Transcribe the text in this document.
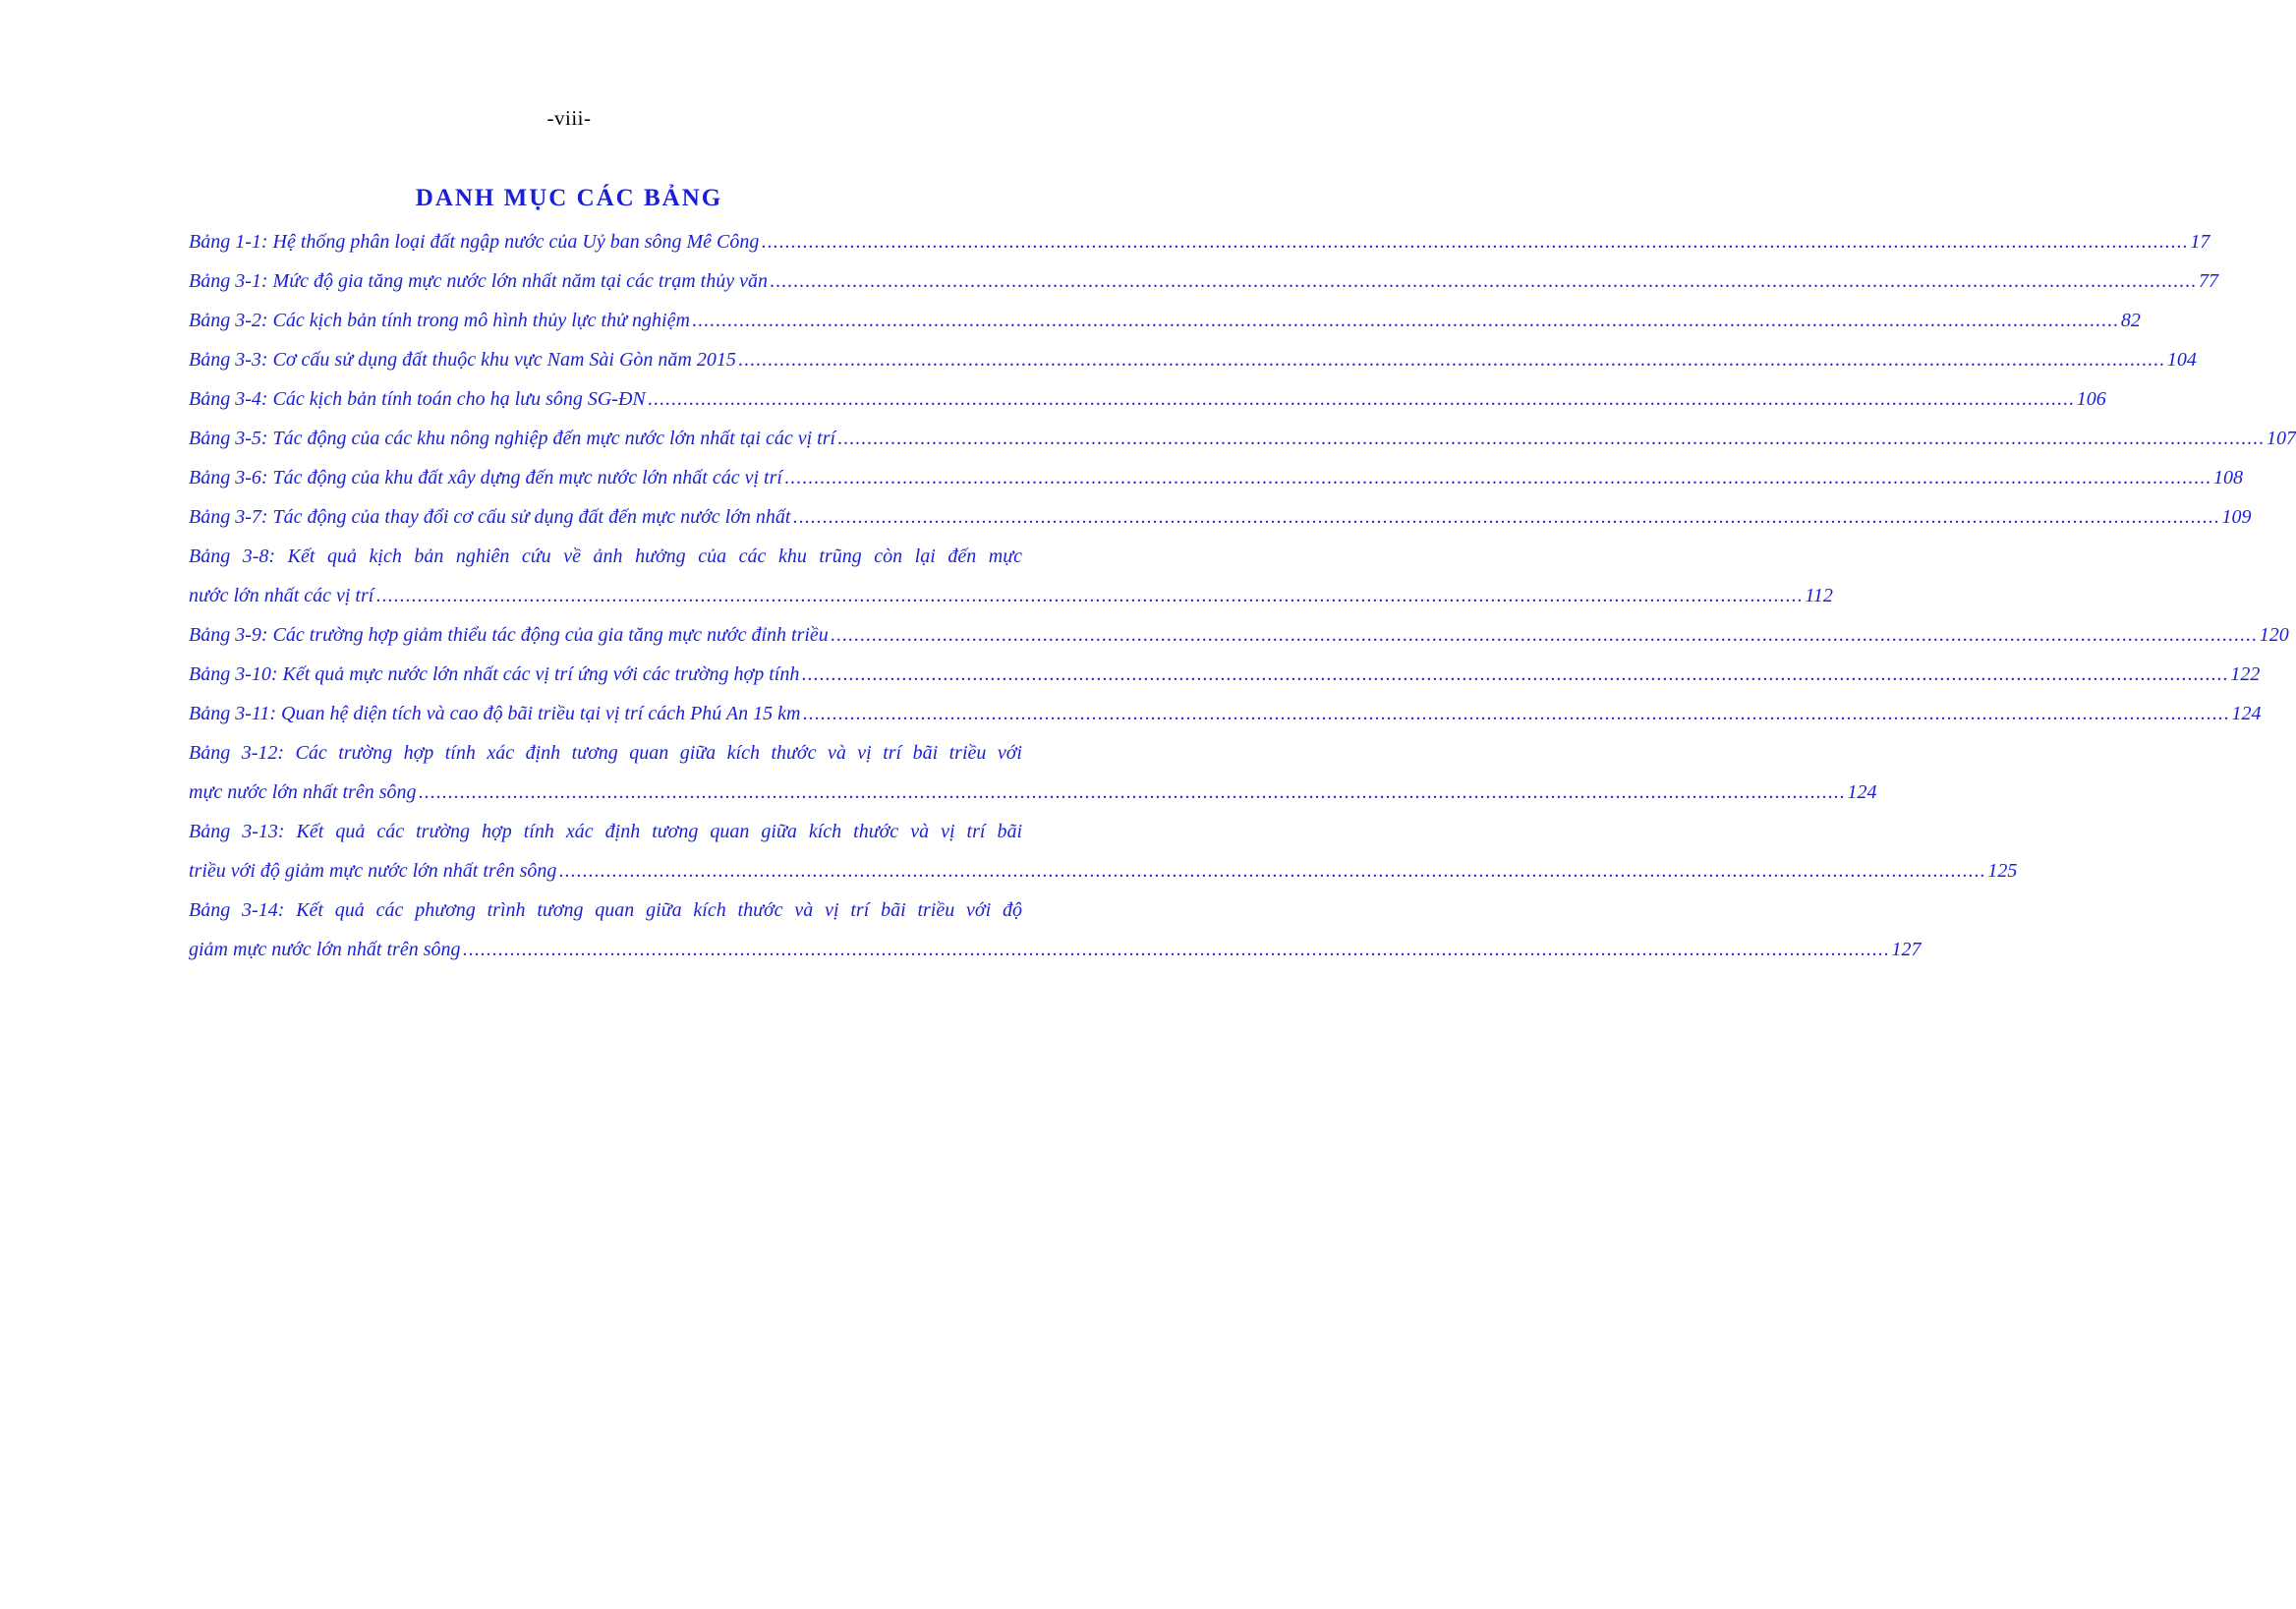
-viii-
DANH MỤC CÁC BẢNG
Bảng 1-1: Hệ thống phân loại đất ngập nước của Uỷ ban sông Mê Công .....	17
Bảng 3-1: Mức độ gia tăng mực nước lớn nhất năm tại các trạm thủy văn .....	77
Bảng 3-2: Các kịch bản tính trong mô hình thủy lực thử nghiệm .....	82
Bảng 3-3: Cơ cấu sử dụng đất thuộc khu vực Nam Sài Gòn năm 2015 .....	104
Bảng 3-4: Các kịch bản tính toán cho hạ lưu sông SG-ĐN .....	106
Bảng 3-5: Tác động của các khu nông nghiệp đến mực nước lớn nhất tại các vị trí .....	107
Bảng 3-6: Tác động của khu đất xây dựng đến mực nước lớn nhất các vị trí .....	108
Bảng 3-7: Tác động của thay đổi cơ cấu sử dụng đất đến mực nước lớn nhất .....	109
Bảng 3-8: Kết quả kịch bản nghiên cứu về ảnh hưởng của các khu trũng còn lại đến mực
nước lớn nhất các vị trí .....	112
Bảng 3-9: Các trường hợp giảm thiểu tác động của gia tăng mực nước đỉnh triều .....	120
Bảng 3-10: Kết quả mực nước lớn nhất các vị trí ứng với các trường hợp tính .....	122
Bảng 3-11: Quan hệ diện tích và cao độ bãi triều tại vị trí cách Phú An 15 km .....	124
Bảng 3-12: Các trường hợp tính xác định tương quan giữa kích thước và vị trí bãi triều với
mực nước lớn nhất trên sông .....	124
Bảng 3-13: Kết quả các trường hợp tính xác định tương quan giữa kích thước và vị trí bãi
triều với độ giảm mực nước lớn nhất trên sông .....	125
Bảng 3-14: Kết quả các phương trình tương quan giữa kích thước và vị trí bãi triều với độ
giảm mực nước lớn nhất trên sông .....	127
